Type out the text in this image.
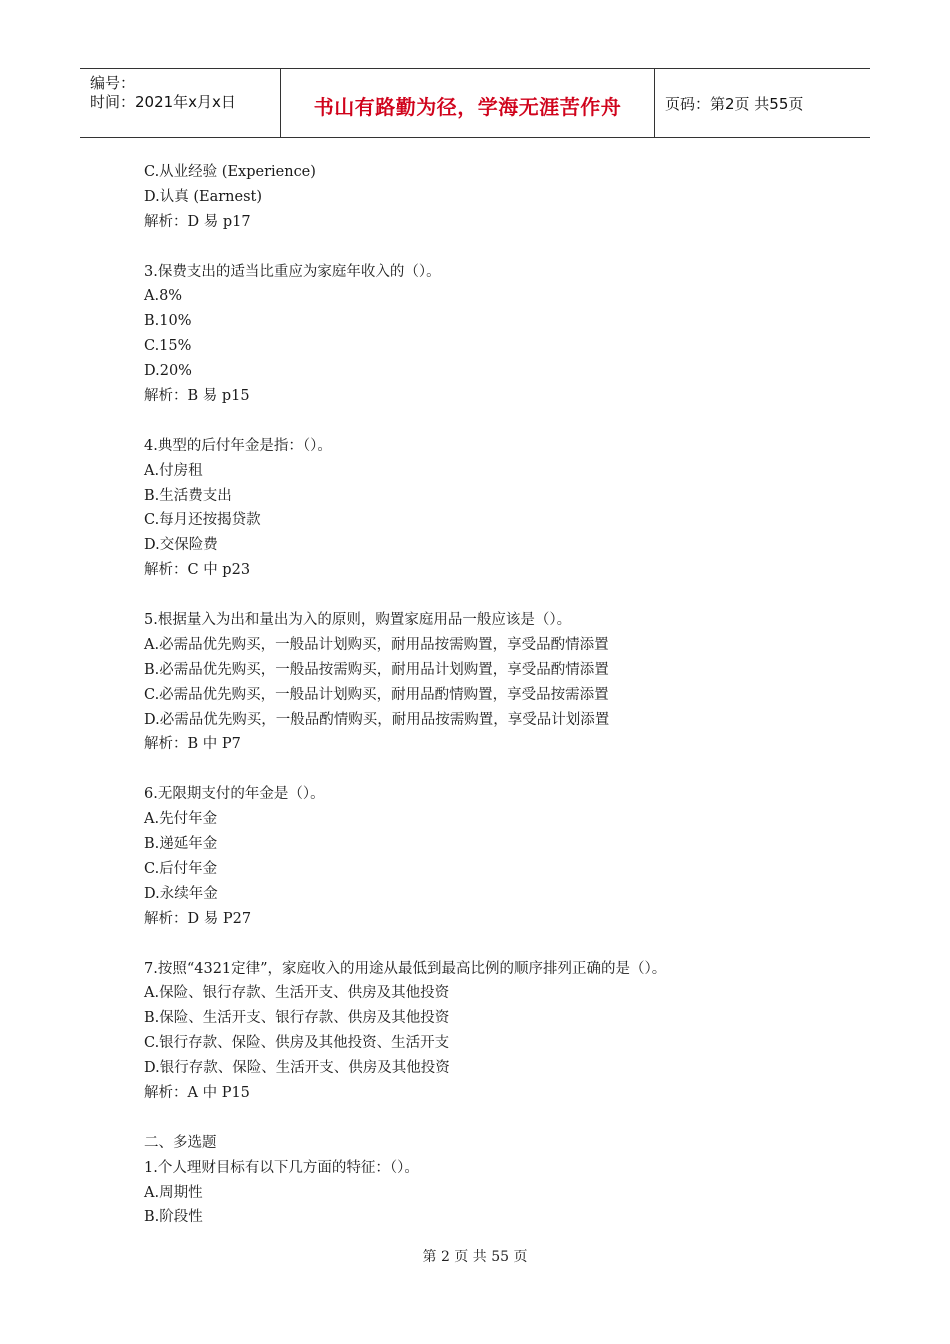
编号：
时间：2021年x月x日	书山有路勤为径，学海无涯苦作舟	页码：第2页 共55页
C.从业经验 (Experience)
D.认真 (Earnest)
解析：D 易 p17
3.保费支出的适当比重应为家庭年收入的（）。
A.8%
B.10%
C.15%
D.20%
解析：B 易 p15
4.典型的后付年金是指：（）。
A.付房租
B.生活费支出
C.每月还按揭贷款
D.交保险费
解析：C 中 p23
5.根据量入为出和量出为入的原则，购置家庭用品一般应该是（）。
A.必需品优先购买，一般品计划购买，耐用品按需购置，享受品酌情添置
B.必需品优先购买，一般品按需购买，耐用品计划购置，享受品酌情添置
C.必需品优先购买，一般品计划购买，耐用品酌情购置，享受品按需添置
D.必需品优先购买，一般品酌情购买，耐用品按需购置，享受品计划添置
解析：B 中 P7
6.无限期支付的年金是（）。
A.先付年金
B.递延年金
C.后付年金
D.永续年金
解析：D 易 P27
7.按照“4321定律”，家庭收入的用途从最低到最高比例的顺序排列正确的是（）。
A.保险、银行存款、生活开支、供房及其他投资
B.保险、生活开支、银行存款、供房及其他投资
C.银行存款、保险、供房及其他投资、生活开支
D.银行存款、保险、生活开支、供房及其他投资
解析：A 中 P15
二、多选题
1.个人理财目标有以下几方面的特征：（）。
A.周期性
B.阶段性
第 2 页 共 55 页
